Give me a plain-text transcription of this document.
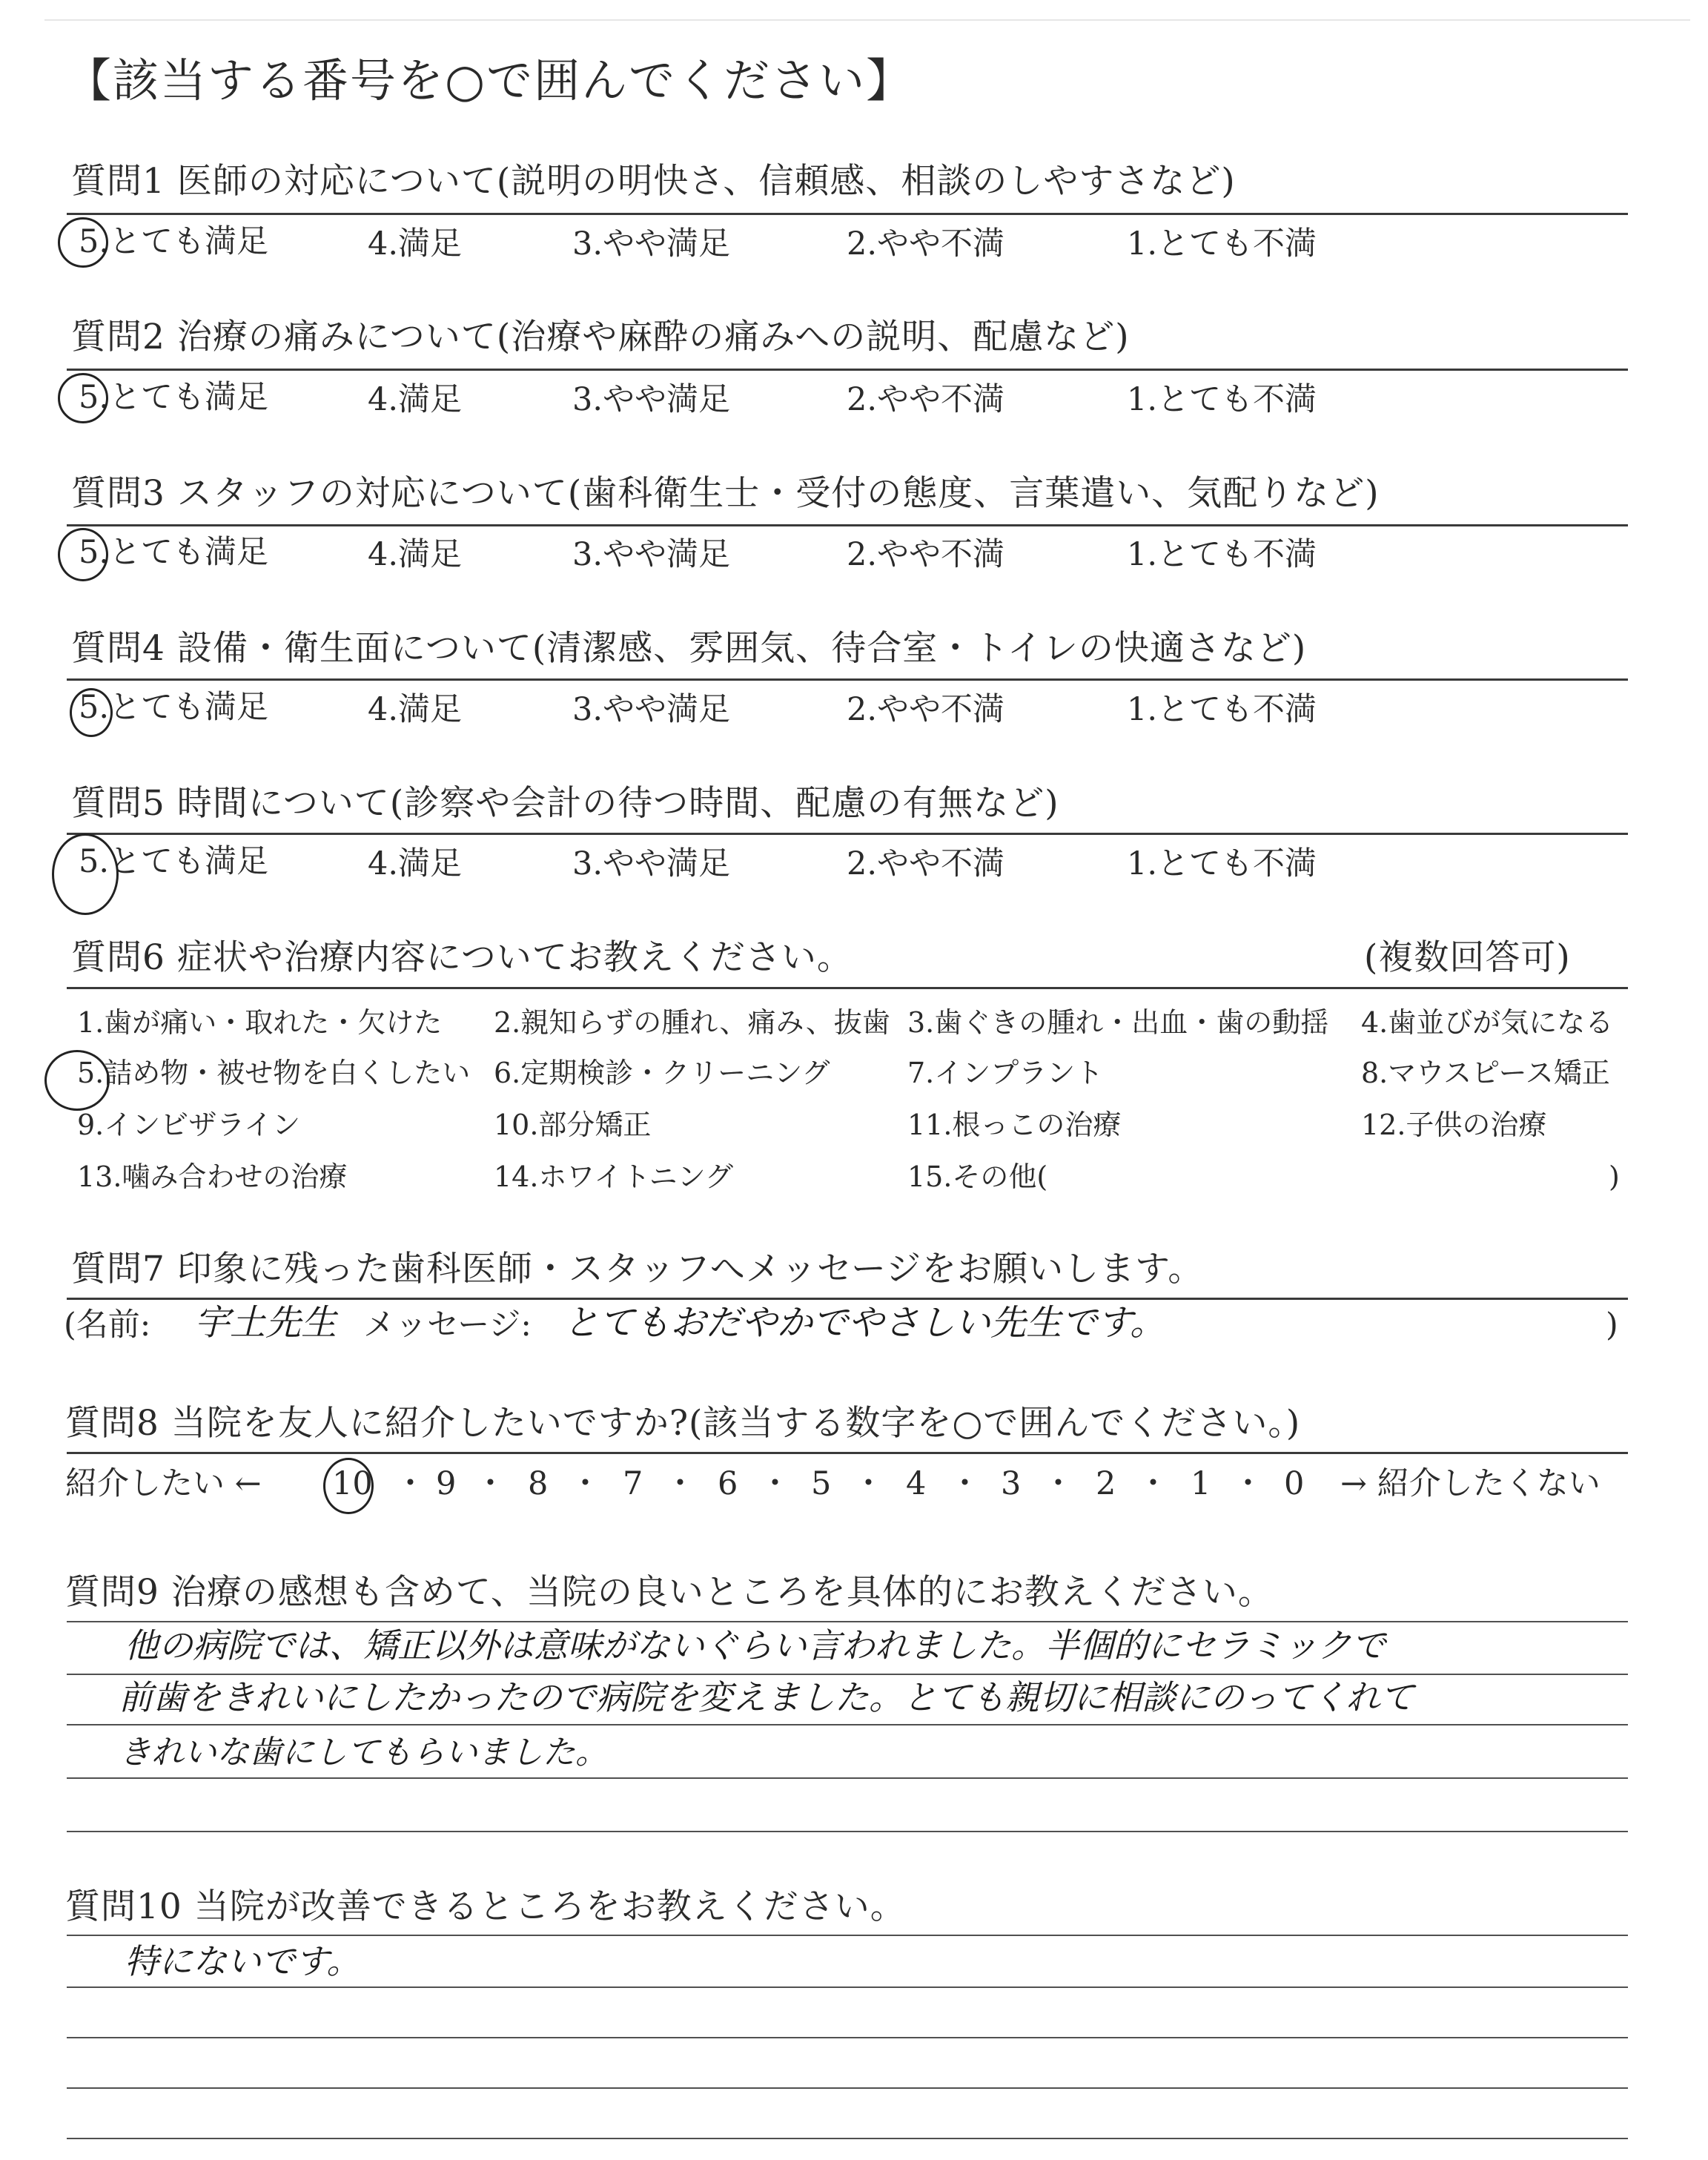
【該当する番号を○で囲んでください】
質問1 医師の対応について(説明の明快さ、信頼感、相談のしやすさなど)
5.とても満足	4.満足	3.やや満足	2.やや不満	1.とても不満
質問2 治療の痛みについて(治療や麻酔の痛みへの説明、配慮など)
5.とても満足	4.満足	3.やや満足	2.やや不満	1.とても不満
質問3 スタッフの対応について(歯科衛生士・受付の態度、言葉遣い、気配りなど)
5.とても満足	4.満足	3.やや満足	2.やや不満	1.とても不満
質問4 設備・衛生面について(清潔感、雰囲気、待合室・トイレの快適さなど)
5.とても満足	4.満足	3.やや満足	2.やや不満	1.とても不満
質問5 時間について(診察や会計の待つ時間、配慮の有無など)
5.とても満足	4.満足	3.やや満足	2.やや不満	1.とても不満
質問6 症状や治療内容についてお教えください。	(複数回答可)
1.歯が痛い・取れた・欠けた 2.親知らずの腫れ、痛み、抜歯 3.歯ぐきの腫れ・出血・歯の動揺 4.歯並びが気になる
5.詰め物・被せ物を白くしたい 6.定期検診・クリーニング	7.インプラント	8.マウスピース矯正
9.インビザライン	10.部分矯正	11.根っこの治療	12.子供の治療
13.噛み合わせの治療	14.ホワイトニング	15.その他(	)
質問7 印象に残った歯科医師・スタッフへメッセージをお願いします。
(名前: 宇土先生 メッセージ: とてもおだやかでやさしい先生です。	)
質問8 当院を友人に紹介したいですか?(該当する数字を○で囲んでください。)
紹介したい ← 10 ・ 9 ・ 8 ・ 7 ・ 6 ・ 5 ・ 4 ・ 3 ・ 2 ・ 1 ・ 0 → 紹介したくない
質問9 治療の感想も含めて、当院の良いところを具体的にお教えください。
他の病院では、矯正以外は意味がないぐらい言われました。半個的にセラミックで
前歯をきれいにしたかったので病院を変えました。とても親切に相談にのってくれて
きれいな歯にしてもらいました。
質問10 当院が改善できるところをお教えください。
特にないです。
